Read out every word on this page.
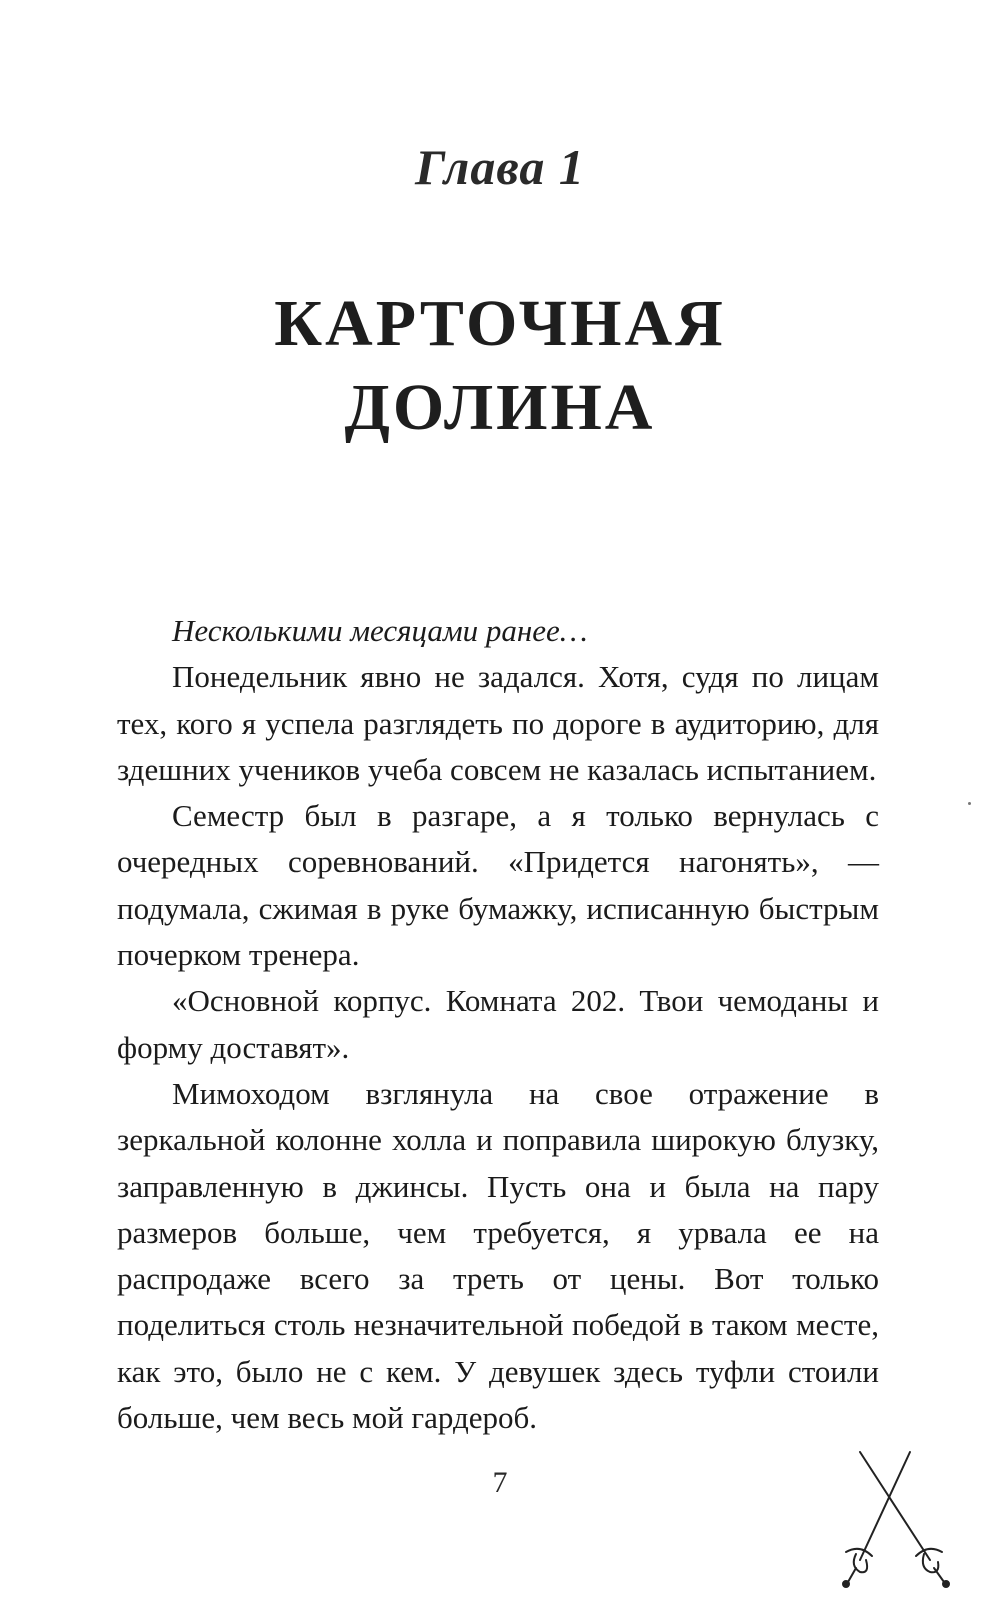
Глава 1
КАРТОЧНАЯ
ДОЛИНА

Несколькими месяцами ранее…

Понедельник явно не задался. Хотя, судя по лицам тех, кого я успела разглядеть по дороге в аудиторию, для здешних учеников учеба совсем не казалась испытанием.

Семестр был в разгаре, а я только вернулась с очередных соревнований. «Придется нагонять», — подумала, сжимая в руке бумажку, исписанную быстрым почерком тренера.

«Основной корпус. Комната 202. Твои чемоданы и форму доставят».

Мимоходом взглянула на свое отражение в зеркальной колонне холла и поправила широкую блузку, заправленную в джинсы. Пусть она и была на пару размеров больше, чем требуется, я урвала ее на распродаже всего за треть от цены. Вот только поделиться столь незначительной победой в таком месте, как это, было не с кем. У девушек здесь туфли стоили больше, чем весь мой гардероб.

7
